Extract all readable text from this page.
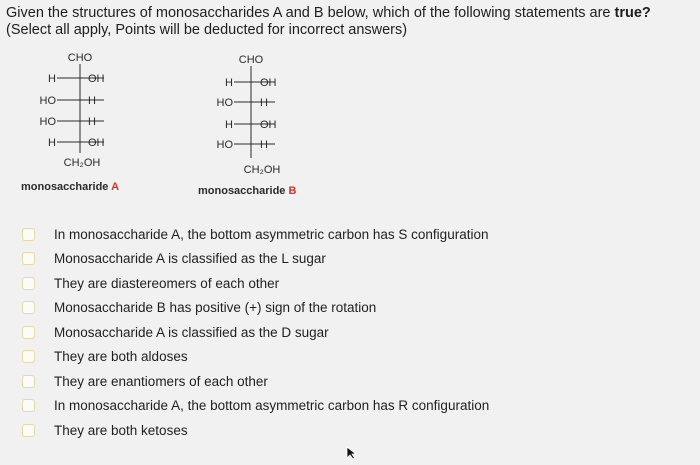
Given the structures of monosaccharides A and B below, which of the following statements are true?
(Select all apply, Points will be deducted for incorrect answers)
CHO
H	OH
HO	H
HO	H
H	OH
CH₂OH
monosaccharide A
CHO
H OH
HO H
H OH
HO H
CH₂OH
monosaccharide B
In monosaccharide A, the bottom asymmetric carbon has S configuration
Monosaccharide A is classified as the L sugar
They are diastereomers of each other
Monosaccharide B has positive (+) sign of the rotation
Monosaccharide A is classified as the D sugar
They are both aldoses
They are enantiomers of each other
In monosaccharide A, the bottom asymmetric carbon has R configuration
They are both ketoses
